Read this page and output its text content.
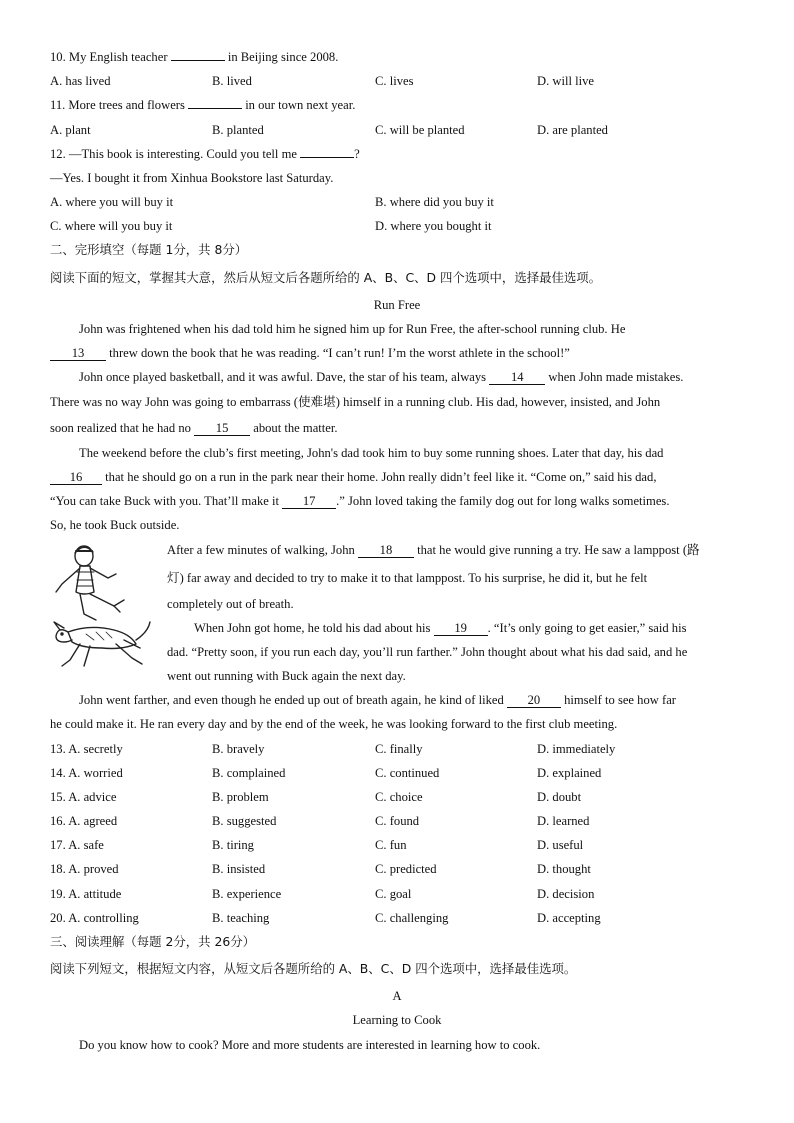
10. My English teacher	in Beijing since 2008.
A. has lived	B. lived	C. lives	D. will live
11. More trees and flowers	in our town next year.
A. plant	B. planted	C. will be planted	D. are planted
12. —This book is interesting. Could you tell me	?
—Yes. I bought it from Xinhua Bookstore last Saturday.
A. where you will buy it	B. where did you buy it
C. where will you buy it	D. where you bought it
二、完形填空（每题 1分，共 8分）
阅读下面的短文，掌握其大意，然后从短文后各题所给的 A、B、C、D 四个选项中，选择最佳选项。
Run Free
John was frightened when his dad told him he signed him up for Run Free, the after-school running club. He
13 threw down the book that he was reading. “I can’t run! I’m the worst athlete in the school!”
John once played basketball, and it was awful. Dave, the star of his team, always 14 when John made mistakes.
There was no way John was going to embarrass (使难堪) himself in a running club. His dad, however, insisted, and John
soon realized that he had no 15 about the matter.
The weekend before the club’s first meeting, John's dad took him to buy some running shoes. Later that day, his dad
16 that he should go on a run in the park near their home. John really didn’t feel like it. “Come on,” said his dad,
“You can take Buck with you. That’ll make it 17 .” John loved taking the family dog out for long walks sometimes.
So, he took Buck outside.
After a few minutes of walking, John 18 that he would give running a try. He saw a lamppost (路
灯) far away and decided to try to make it to that lamppost. To his surprise, he did it, but he felt
completely out of breath.
When John got home, he told his dad about his 19 . “It’s only going to get easier,” said his
dad. “Pretty soon, if you run each day, you’ll run farther.” John thought about what his dad said, and he
went out running with Buck again the next day.
John went farther, and even though he ended up out of breath again, he kind of liked 20 himself to see how far
he could make it. He ran every day and by the end of the week, he was looking forward to the first club meeting.
13. A. secretly	B. bravely	C. finally	D. immediately
14. A. worried	B. complained	C. continued	D. explained
15. A. advice	B. problem	C. choice	D. doubt
16. A. agreed	B. suggested	C. found	D. learned
17. A. safe	B. tiring	C. fun	D. useful
18. A. proved	B. insisted	C. predicted	D. thought
19. A. attitude	B. experience	C. goal	D. decision
20. A. controlling	B. teaching	C. challenging	D. accepting
三、阅读理解（每题 2分，共 26分）
阅读下列短文，根据短文内容，从短文后各题所给的 A、B、C、D 四个选项中，选择最佳选项。
A
Learning to Cook
Do you know how to cook? More and more students are interested in learning how to cook.
